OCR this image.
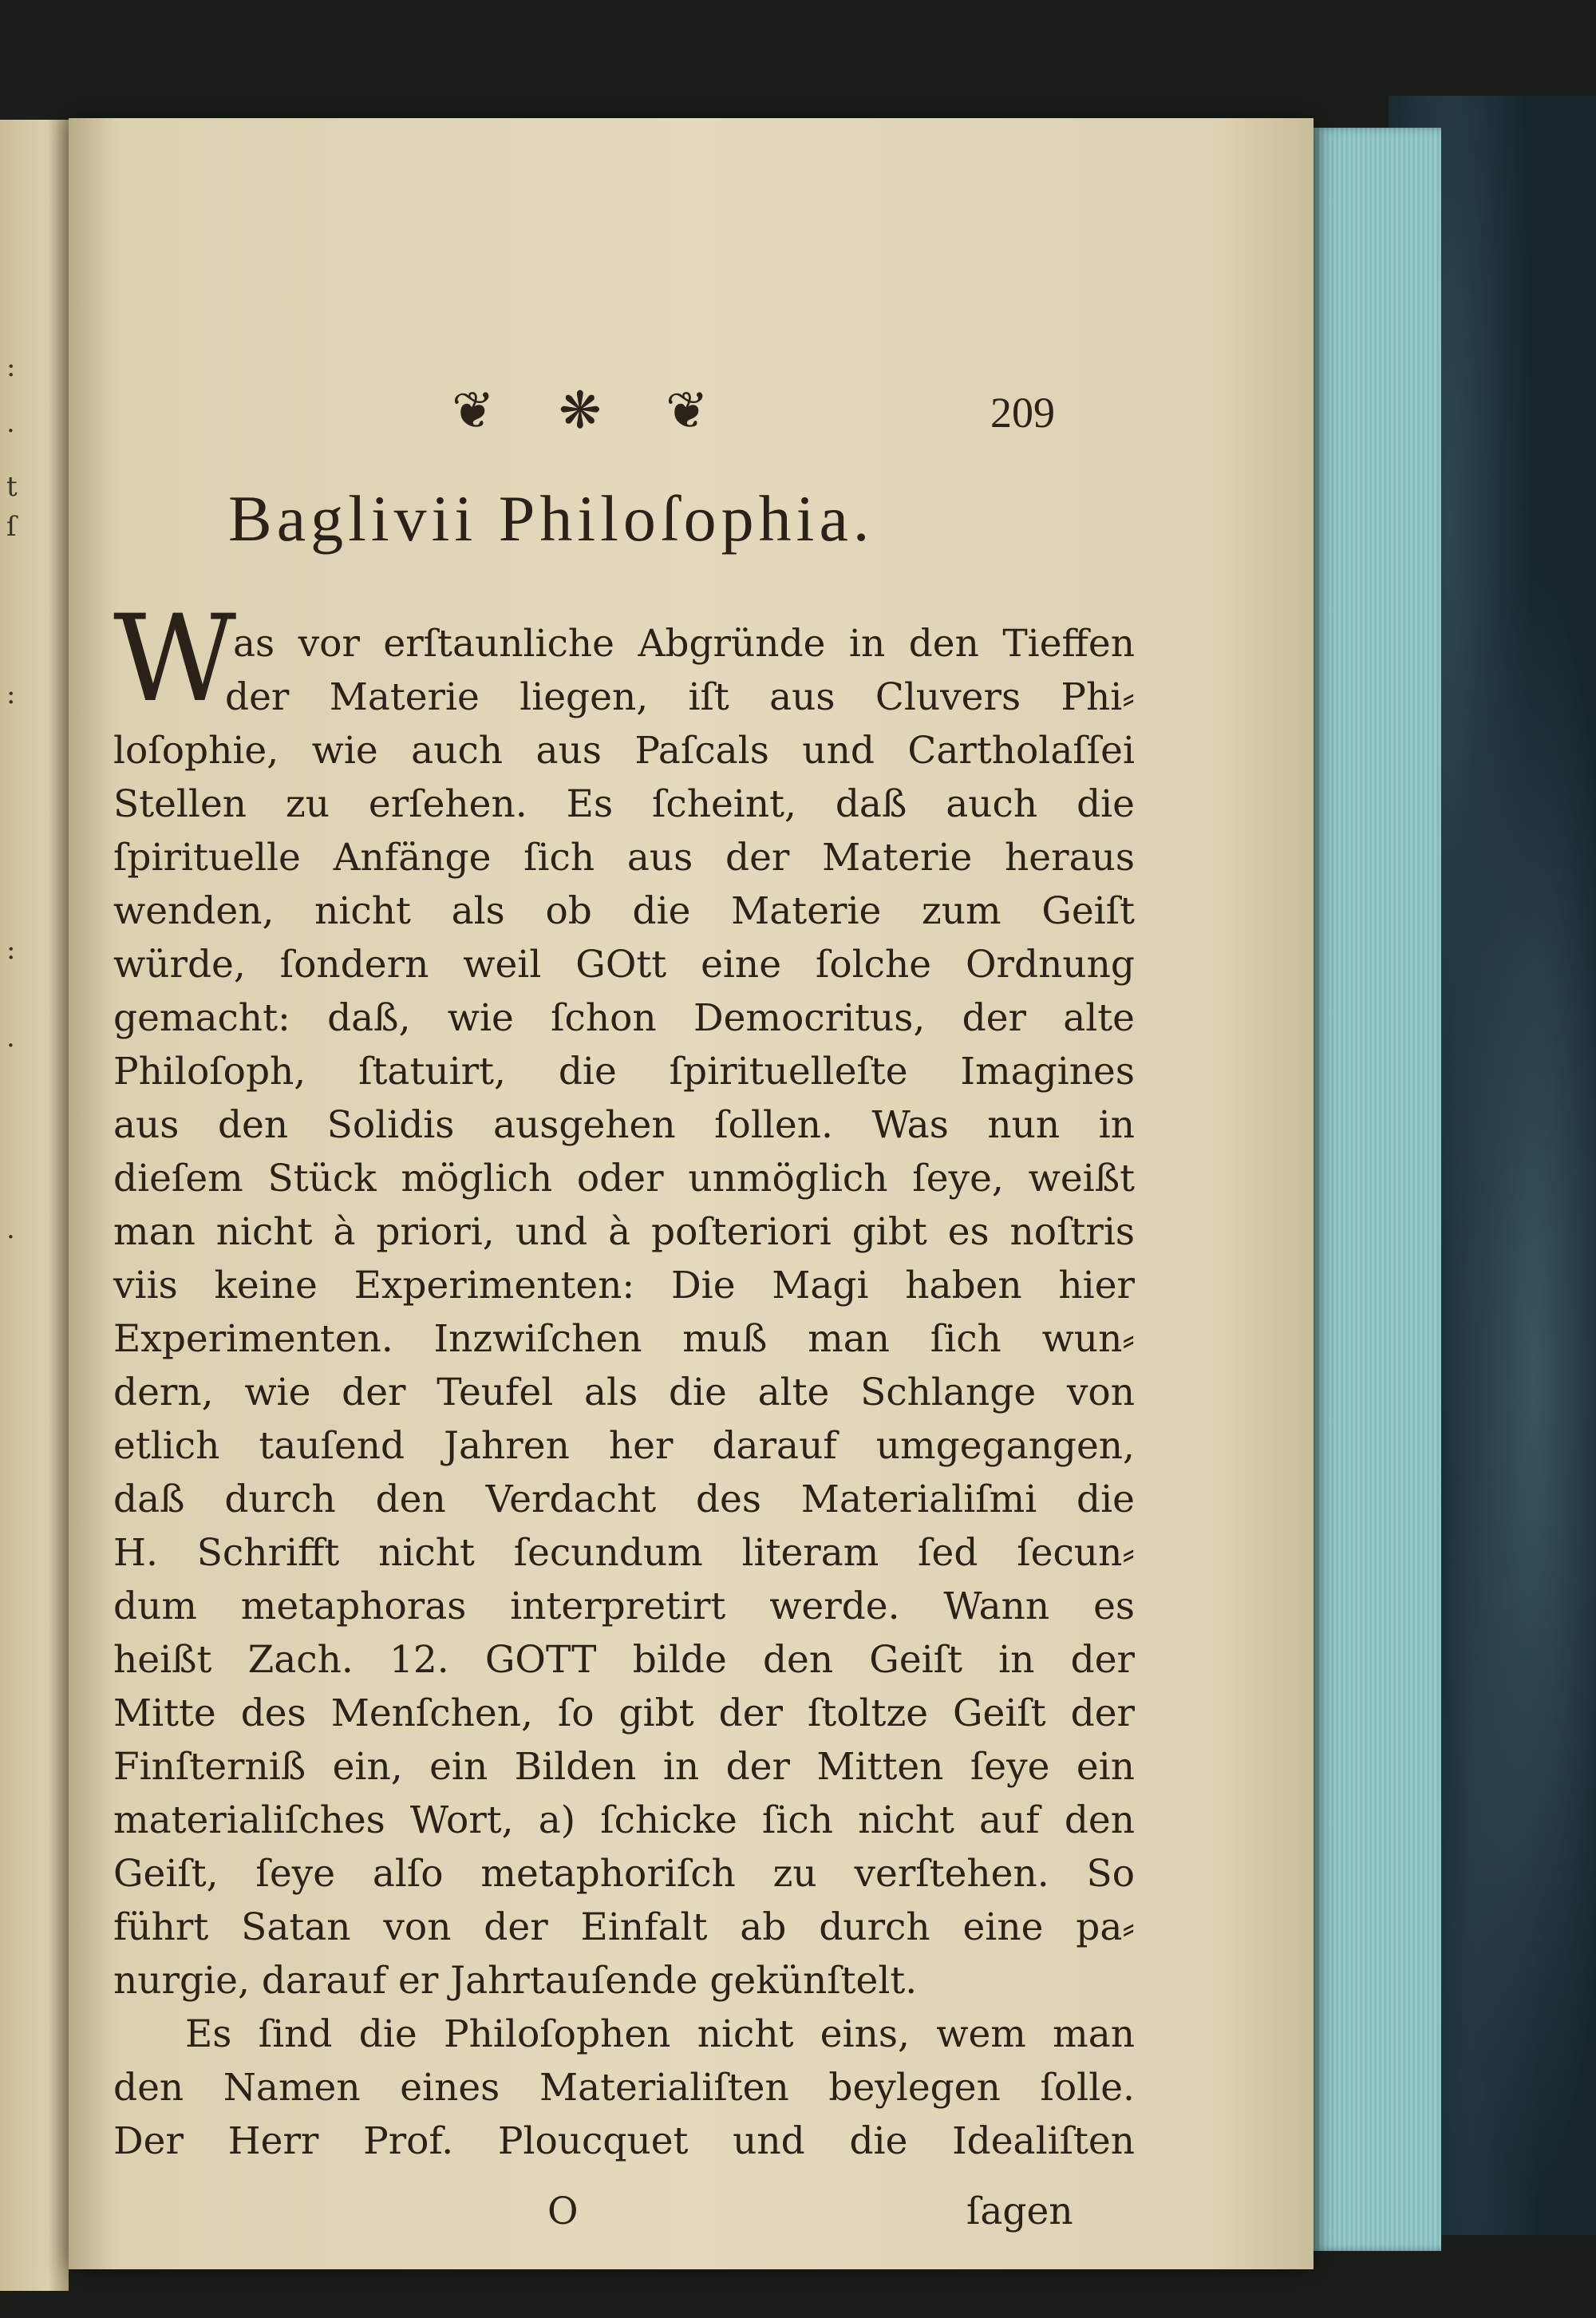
:
·
t
ſ
:
:
·
·
❦ ❋ ❦	209
Baglivii Philoſophia.
W
as vor erſtaunliche Abgründe in den Tieffen
der Materie liegen, iſt aus Cluvers Phi⸗
loſophie, wie auch aus Paſcals und Cartholaſſei
Stellen zu erſehen. Es ſcheint, daß auch die
ſpirituelle Anfänge ſich aus der Materie heraus
wenden, nicht als ob die Materie zum Geiſt
würde, ſondern weil GOtt eine ſolche Ordnung
gemacht: daß, wie ſchon Democritus, der alte
Philoſoph, ſtatuirt, die ſpirituelleſte Imagines
aus den Solidis ausgehen ſollen. Was nun in
dieſem Stück möglich oder unmöglich ſeye, weißt
man nicht à priori, und à poſteriori gibt es noſtris
viis keine Experimenten: Die Magi haben hier
Experimenten. Inzwiſchen muß man ſich wun⸗
dern, wie der Teufel als die alte Schlange von
etlich tauſend Jahren her darauf umgegangen,
daß durch den Verdacht des Materialiſmi die
H. Schrifft nicht ſecundum literam ſed ſecun⸗
dum metaphoras interpretirt werde. Wann es
heißt Zach. 12. GOTT bilde den Geiſt in der
Mitte des Menſchen, ſo gibt der ſtoltze Geiſt der
Finſterniß ein, ein Bilden in der Mitten ſeye ein
materialiſches Wort, a) ſchicke ſich nicht auf den
Geiſt, ſeye alſo metaphoriſch zu verſtehen. So
führt Satan von der Einfalt ab durch eine pa⸗
nurgie, darauf er Jahrtauſende gekünſtelt.
Es ſind die Philoſophen nicht eins, wem man
den Namen eines Materialiſten beylegen ſolle.
Der Herr Prof. Ploucquet und die Idealiſten
O	ſagen
